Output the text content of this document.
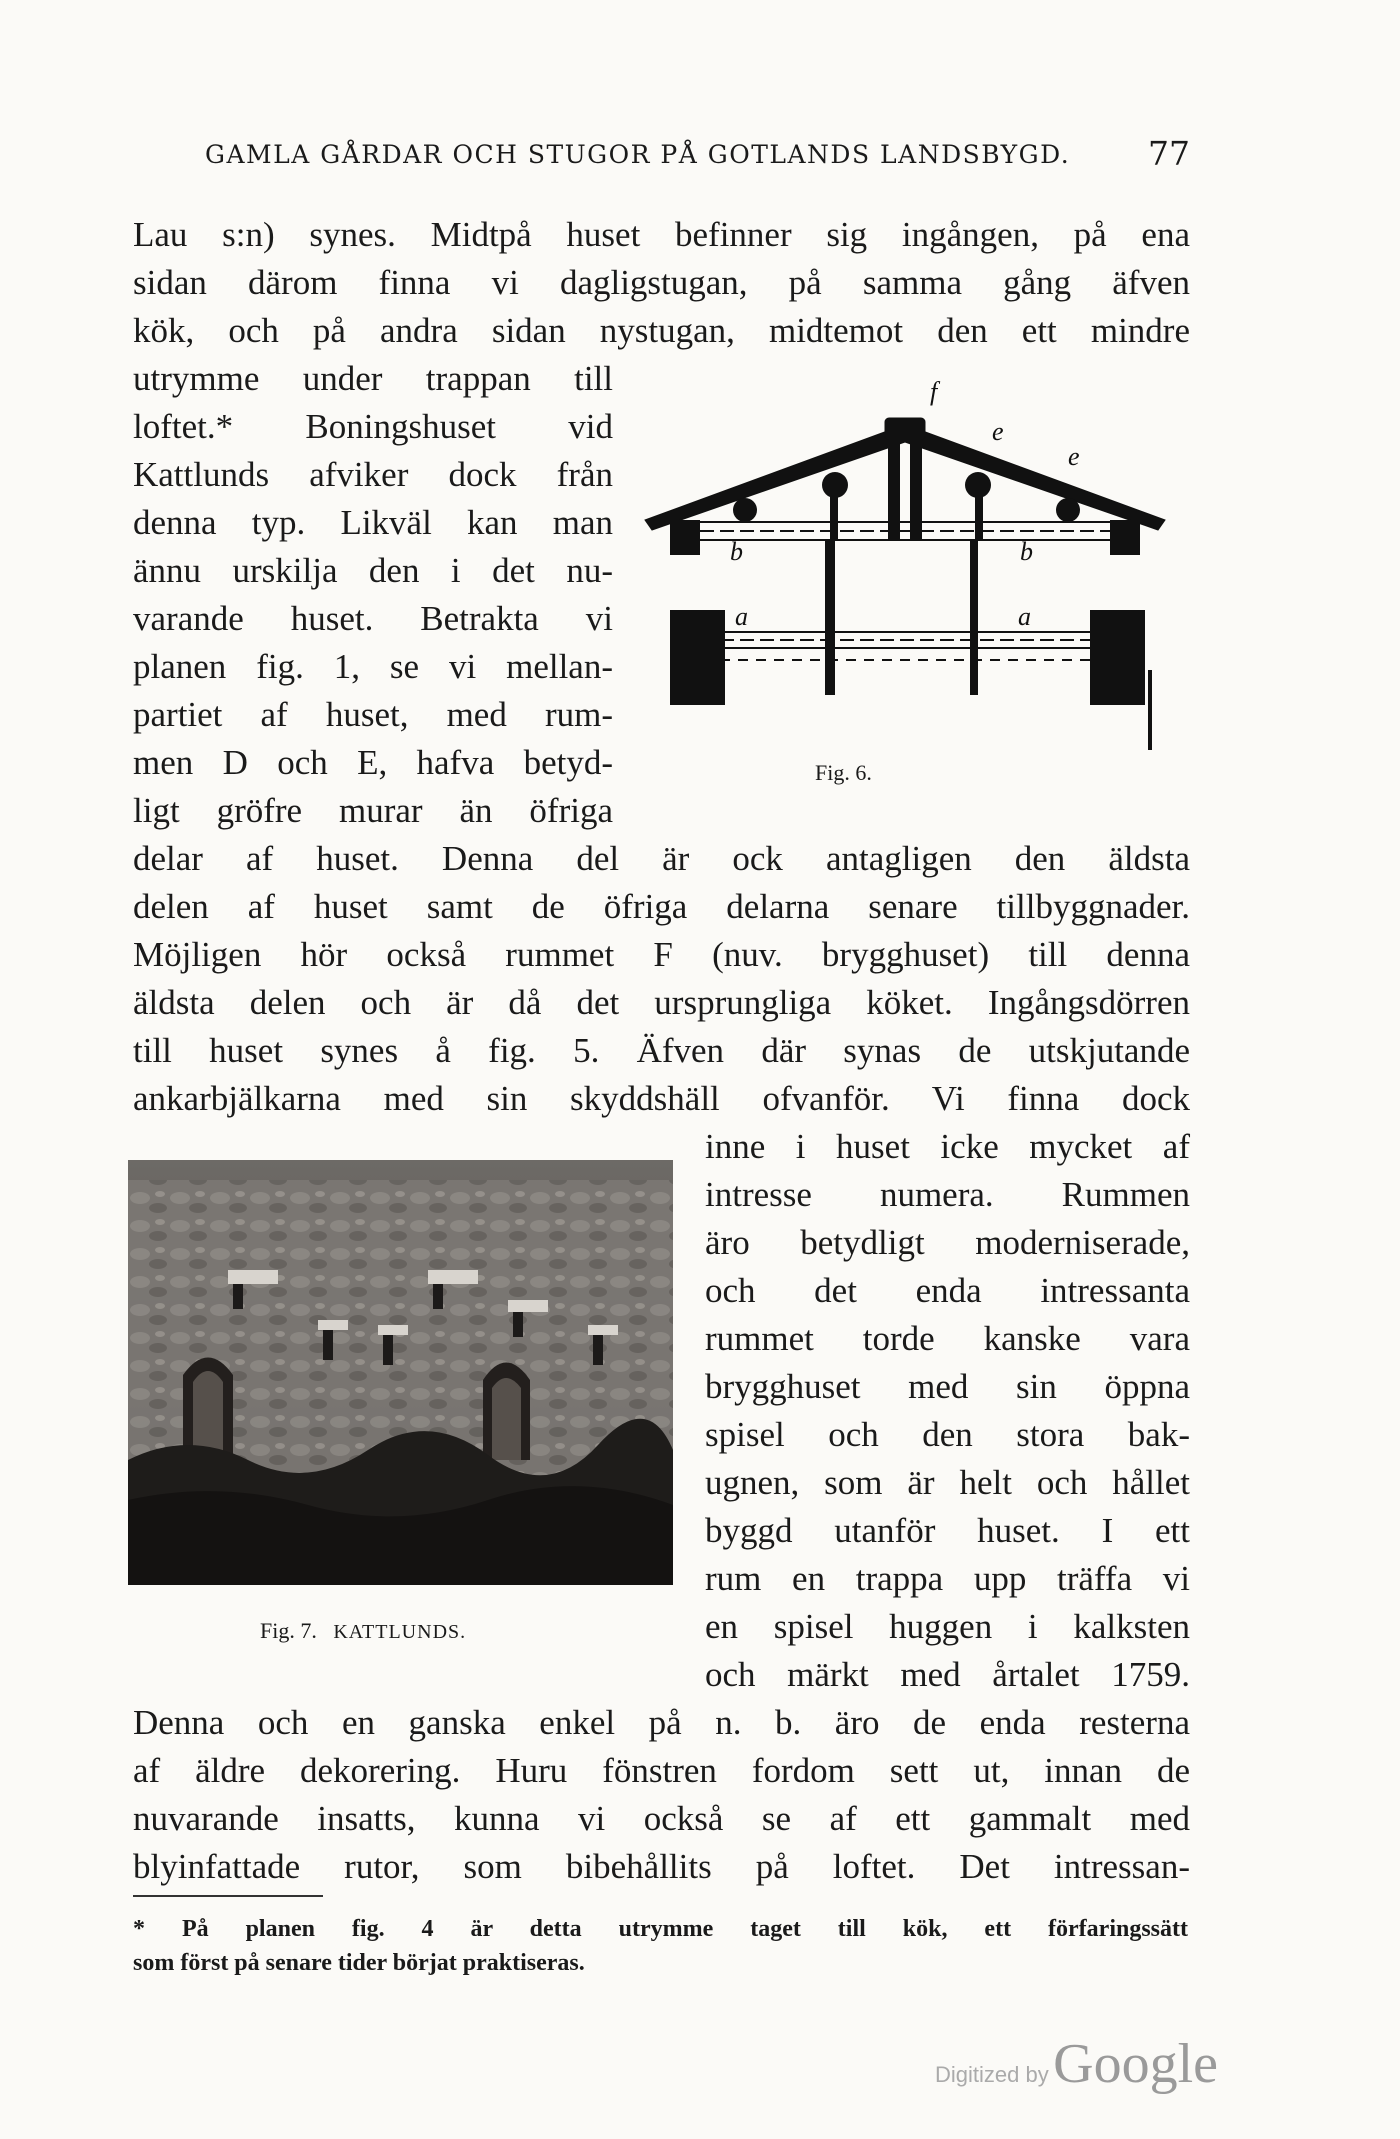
GAMLA GÅRDAR OCH STUGOR PÅ GOTLANDS LANDSBYGD. 77
Lau s:n) synes. Midtpå huset befinner sig ingången, på ena
sidan därom finna vi dagligstugan, på samma gång äfven
kök, och på andra sidan nystugan, midtemot den ett mindre
utrymme under trappan till
loftet.* Boningshuset vid
Kattlunds afviker dock från
denna typ. Likväl kan man
ännu urskilja den i det nu-
varande huset. Betrakta vi
planen fig. 1, se vi mellan-
partiet af huset, med rum-
men D och E, hafva betyd-
ligt gröfre murar än öfriga
delar af huset. Denna del är ock antagligen den äldsta
delen af huset samt de öfriga delarna senare tillbyggnader.
Möjligen hör också rummet F (nuv. brygghuset) till denna
äldsta delen och är då det ursprungliga köket. Ingångsdörren
till huset synes å fig. 5. Äfven där synas de utskjutande
ankarbjälkarna med sin skyddshäll ofvanför. Vi finna dock
inne i huset icke mycket af
intresse numera. Rummen
äro betydligt moderniserade,
och det enda intressanta
rummet torde kanske vara
brygghuset med sin öppna
spisel och den stora bak-
ugnen, som är helt och hållet
byggd utanför huset. I ett
rum en trappa upp träffa vi
en spisel huggen i kalksten
och märkt med årtalet 1759.
Denna och en ganska enkel på n. b. äro de enda resterna
af äldre dekorering. Huru fönstren fordom sett ut, innan de
nuvarande insatts, kunna vi också se af ett gammalt med
blyinfattade rutor, som bibehållits på loftet. Det intressan-
f
e
e
b	b
a	a
Fig. 6.
Fig. 7. KATTLUNDS.
* På planen fig. 4 är detta utrymme taget till kök, ett förfaringssätt
som först på senare tider börjat praktiseras.
Digitized by Google
